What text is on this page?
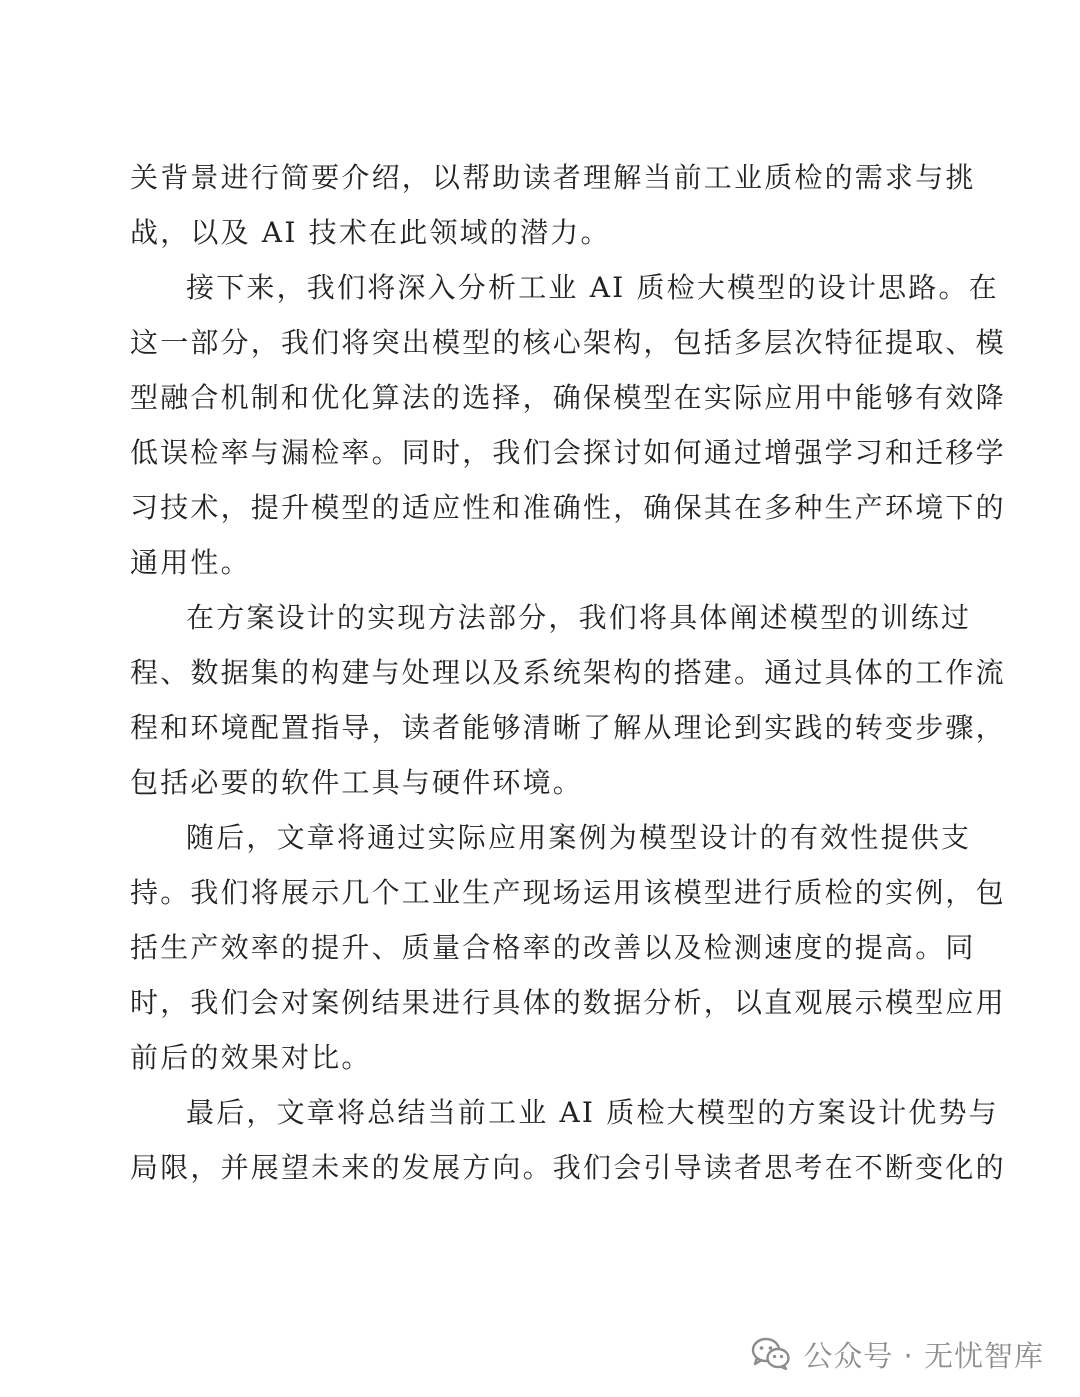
关背景进行简要介绍，以帮助读者理解当前工业质检的需求与挑
战，以及 AI 技术在此领域的潜力。
接下来，我们将深入分析工业 AI 质检大模型的设计思路。在
这一部分，我们将突出模型的核心架构，包括多层次特征提取、模
型融合机制和优化算法的选择，确保模型在实际应用中能够有效降
低误检率与漏检率。同时，我们会探讨如何通过增强学习和迁移学
习技术，提升模型的适应性和准确性，确保其在多种生产环境下的
通用性。
在方案设计的实现方法部分，我们将具体阐述模型的训练过
程、数据集的构建与处理以及系统架构的搭建。通过具体的工作流
程和环境配置指导，读者能够清晰了解从理论到实践的转变步骤，
包括必要的软件工具与硬件环境。
随后，文章将通过实际应用案例为模型设计的有效性提供支
持。我们将展示几个工业生产现场运用该模型进行质检的实例，包
括生产效率的提升、质量合格率的改善以及检测速度的提高。同
时，我们会对案例结果进行具体的数据分析，以直观展示模型应用
前后的效果对比。
最后，文章将总结当前工业 AI 质检大模型的方案设计优势与
局限，并展望未来的发展方向。我们会引导读者思考在不断变化的
公众号 · 无忧智库
